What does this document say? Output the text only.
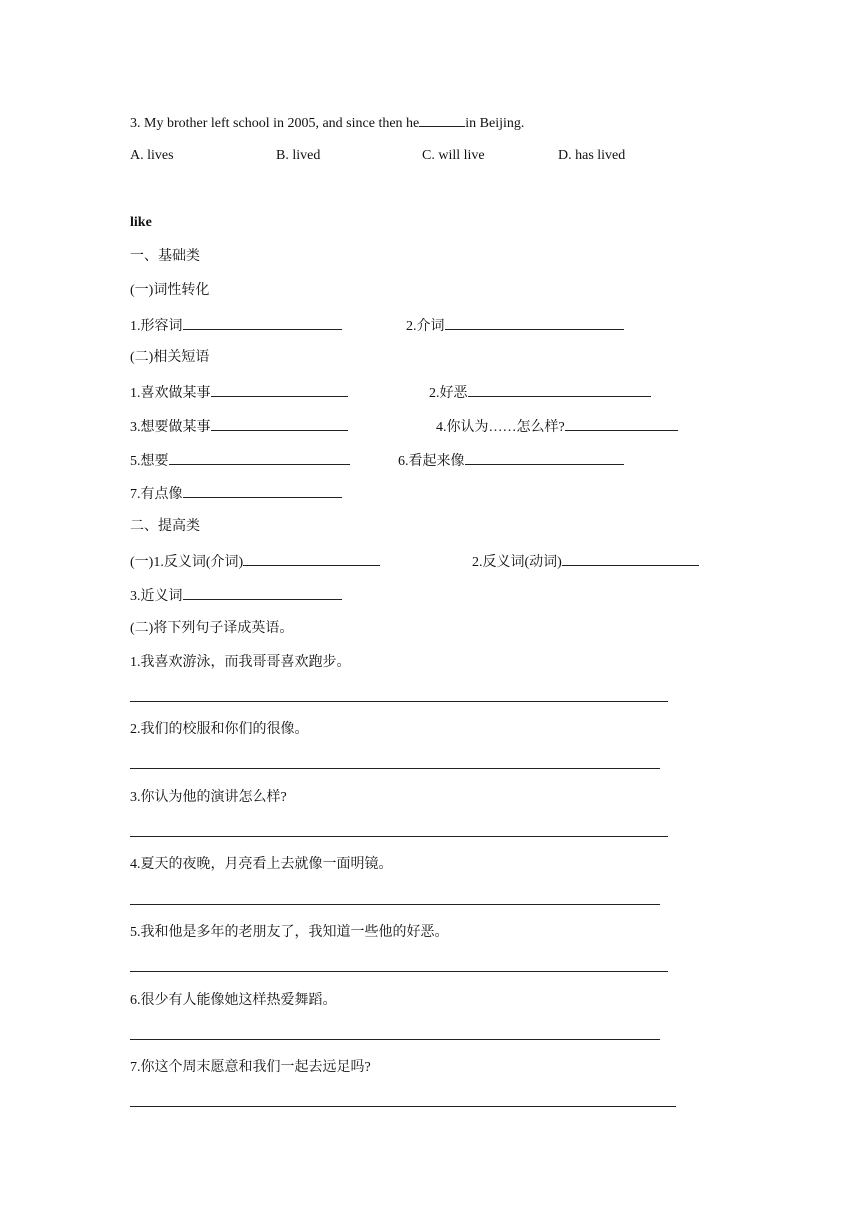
3. My brother left school in 2005, and since then he	in Beijing.
A. lives	B. lived	C. will live	D. has lived
like
一、基础类
(一)词性转化
1.形容词	2.介词
(二)相关短语
1.喜欢做某事	2.好恶
3.想要做某事	4.你认为……怎么样?
5.想要	6.看起来像
7.有点像
二、提高类
(一)1.反义词(介词)	2.反义词(动词)
3.近义词
(二)将下列句子译成英语。
1.我喜欢游泳，而我哥哥喜欢跑步。
2.我们的校服和你们的很像。
3.你认为他的演讲怎么样?
4.夏天的夜晚，月亮看上去就像一面明镜。
5.我和他是多年的老朋友了，我知道一些他的好恶。
6.很少有人能像她这样热爱舞蹈。
7.你这个周末愿意和我们一起去远足吗?
